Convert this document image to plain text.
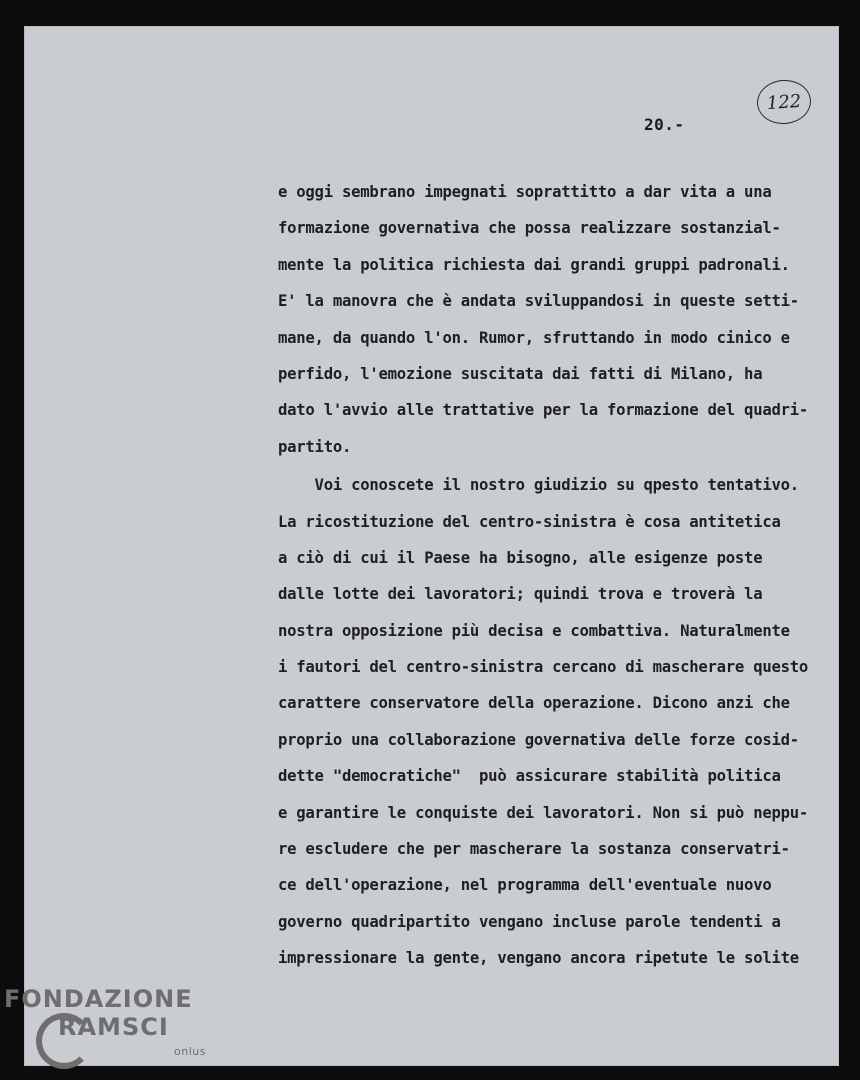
122
20.-
e oggi sembrano impegnati soprattitto a dar vita a una
formazione governativa che possa realizzare sostanzial-
mente la politica richiesta dai grandi gruppi padronali.
E' la manovra che è andata sviluppandosi in queste setti-
mane, da quando l'on. Rumor, sfruttando in modo cinico e
perfido, l'emozione suscitata dai fatti di Milano, ha
dato l'avvio alle trattative per la formazione del quadri-
partito.
Voi conoscete il nostro giudizio su qpesto tentativo.
La ricostituzione del centro-sinistra è cosa antitetica
a ciò di cui il Paese ha bisogno, alle esigenze poste
dalle lotte dei lavoratori; quindi trova e troverà la
nostra opposizione più decisa e combattiva. Naturalmente
i fautori del centro-sinistra cercano di mascherare questo
carattere conservatore della operazione. Dicono anzi che
proprio una collaborazione governativa delle forze cosid-
dette "democratiche"  può assicurare stabilità politica
e garantire le conquiste dei lavoratori. Non si può neppu-
re escludere che per mascherare la sostanza conservatri-
ce dell'operazione, nel programma dell'eventuale nuovo
governo quadripartito vengano incluse parole tendenti a
impressionare la gente, vengano ancora ripetute le solite
FONDAZIONE
RAMSCI
onlus
